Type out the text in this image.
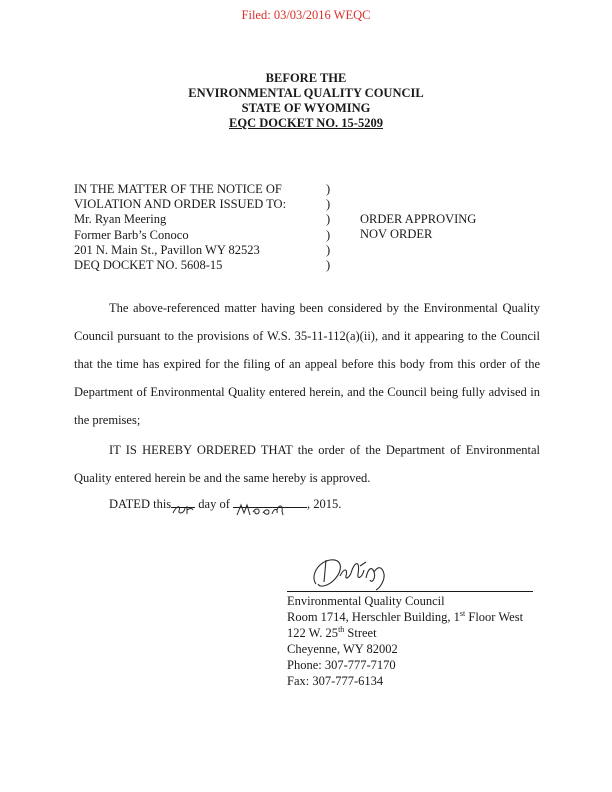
Filed: 03/03/2016 WEQC
BEFORE THE
ENVIRONMENTAL QUALITY COUNCIL
STATE OF WYOMING
EQC DOCKET NO. 15-5209
IN THE MATTER OF THE NOTICE OF
VIOLATION AND ORDER ISSUED TO:
Mr. Ryan Meering
Former Barb’s Conoco
201 N. Main St., Pavillon WY 82523
DEQ DOCKET NO. 5608-15
)
)
)
)
)
)
ORDER APPROVING
NOV ORDER

The above-referenced matter having been considered by the Environmental Quality Council pursuant to the provisions of W.S. 35-11-112(a)(ii), and it appearing to the Council that the time has expired for the filing of an appeal before this body from this order of the Department of Environmental Quality entered herein, and the Council being fully advised in the premises;

IT IS HEREBY ORDERED THAT the order of the Department of Environmental Quality entered herein be and the same hereby is approved.

DATED this day of	, 2015.
Environmental Quality Council
Room 1714, Herschler Building, 1st Floor West
122 W. 25th Street
Cheyenne, WY 82002
Phone: 307-777-7170
Fax: 307-777-6134
